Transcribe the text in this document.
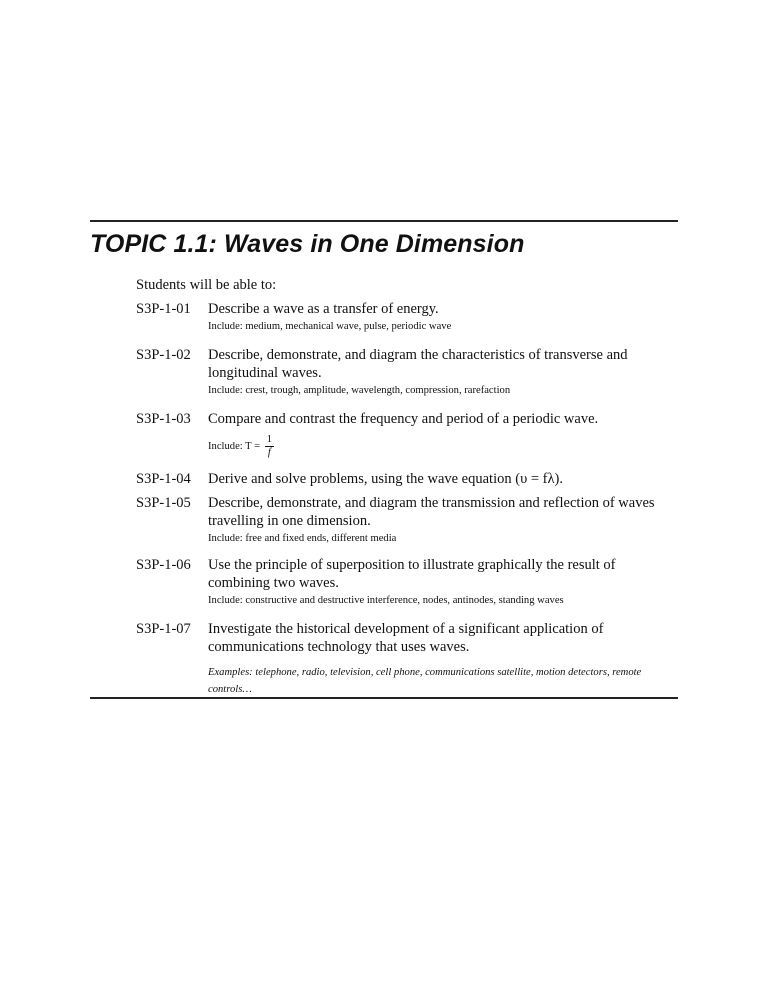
TOPIC 1.1: Waves in One Dimension
Students will be able to:
S3P-1-01 Describe a wave as a transfer of energy.
Include: medium, mechanical wave, pulse, periodic wave
S3P-1-02 Describe, demonstrate, and diagram the characteristics of transverse and longitudinal waves.
Include: crest, trough, amplitude, wavelength, compression, rarefaction
S3P-1-03 Compare and contrast the frequency and period of a periodic wave.
Include: $T = \frac{1}{f}$
S3P-1-04 Derive and solve problems, using the wave equation (υ = fλ).
S3P-1-05 Describe, demonstrate, and diagram the transmission and reflection of waves travelling in one dimension.
Include: free and fixed ends, different media
S3P-1-06 Use the principle of superposition to illustrate graphically the result of combining two waves.
Include: constructive and destructive interference, nodes, antinodes, standing waves
S3P-1-07 Investigate the historical development of a significant application of communications technology that uses waves.
Examples: telephone, radio, television, cell phone, communications satellite, motion detectors, remote controls…
